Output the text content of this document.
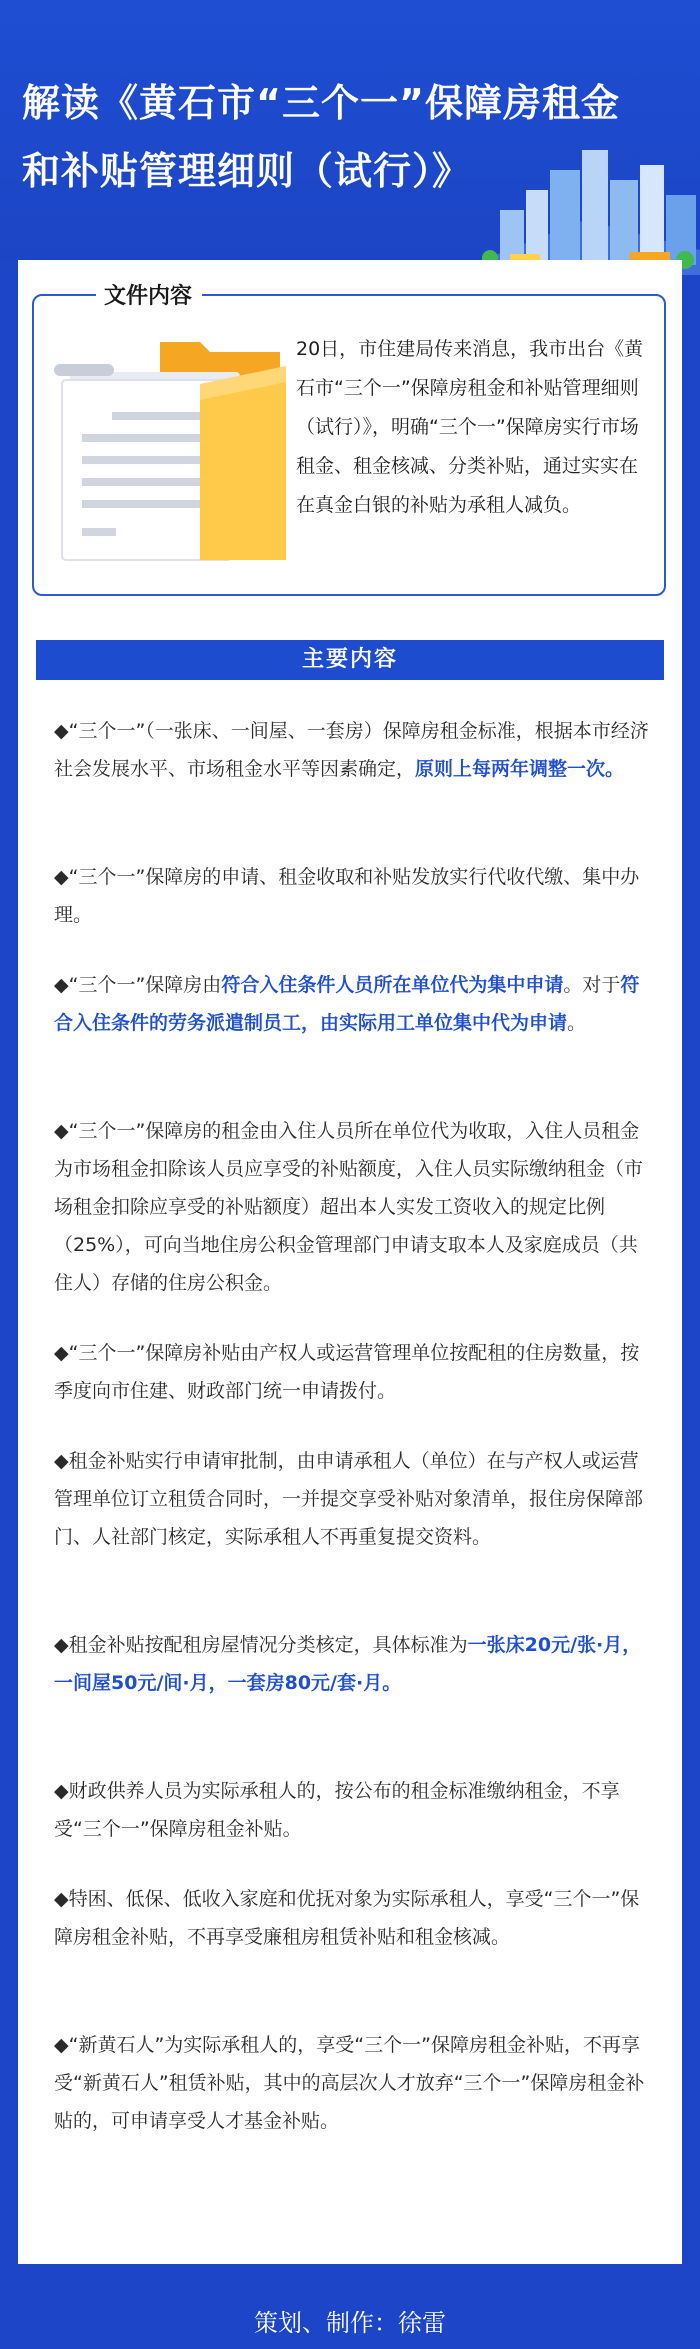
解读《黄石市“三个一”保障房租金
和补贴管理细则（试行）》
文件内容
20日，市住建局传来消息，我市出台《黄石市“三个一”保障房租金和补贴管理细则（试行）》，明确“三个一”保障房实行市场租金、租金核减、分类补贴，通过实实在在真金白银的补贴为承租人减负。
主要内容
◆“三个一”（一张床、一间屋、一套房）保障房租金标准，根据本市经济社会发展水平、市场租金水平等因素确定，原则上每两年调整一次。
◆“三个一”保障房的申请、租金收取和补贴发放实行代收代缴、集中办理。
◆“三个一”保障房由符合入住条件人员所在单位代为集中申请。对于符合入住条件的劳务派遣制员工，由实际用工单位集中代为申请。
◆“三个一”保障房的租金由入住人员所在单位代为收取，入住人员租金为市场租金扣除该人员应享受的补贴额度，入住人员实际缴纳租金（市场租金扣除应享受的补贴额度）超出本人实发工资收入的规定比例（25%），可向当地住房公积金管理部门申请支取本人及家庭成员（共住人）存储的住房公积金。
◆“三个一”保障房补贴由产权人或运营管理单位按配租的住房数量，按季度向市住建、财政部门统一申请拨付。
◆租金补贴实行申请审批制，由申请承租人（单位）在与产权人或运营管理单位订立租赁合同时，一并提交享受补贴对象清单，报住房保障部门、人社部门核定，实际承租人不再重复提交资料。
◆租金补贴按配租房屋情况分类核定，具体标准为一张床20元/张·月，一间屋50元/间·月，一套房80元/套·月。
◆财政供养人员为实际承租人的，按公布的租金标准缴纳租金，不享受“三个一”保障房租金补贴。
◆特困、低保、低收入家庭和优抚对象为实际承租人，享受“三个一”保障房租金补贴，不再享受廉租房租赁补贴和租金核减。
◆“新黄石人”为实际承租人的，享受“三个一”保障房租金补贴，不再享受“新黄石人”租赁补贴，其中的高层次人才放弃“三个一”保障房租金补贴的，可申请享受人才基金补贴。
策划、制作：徐雷
